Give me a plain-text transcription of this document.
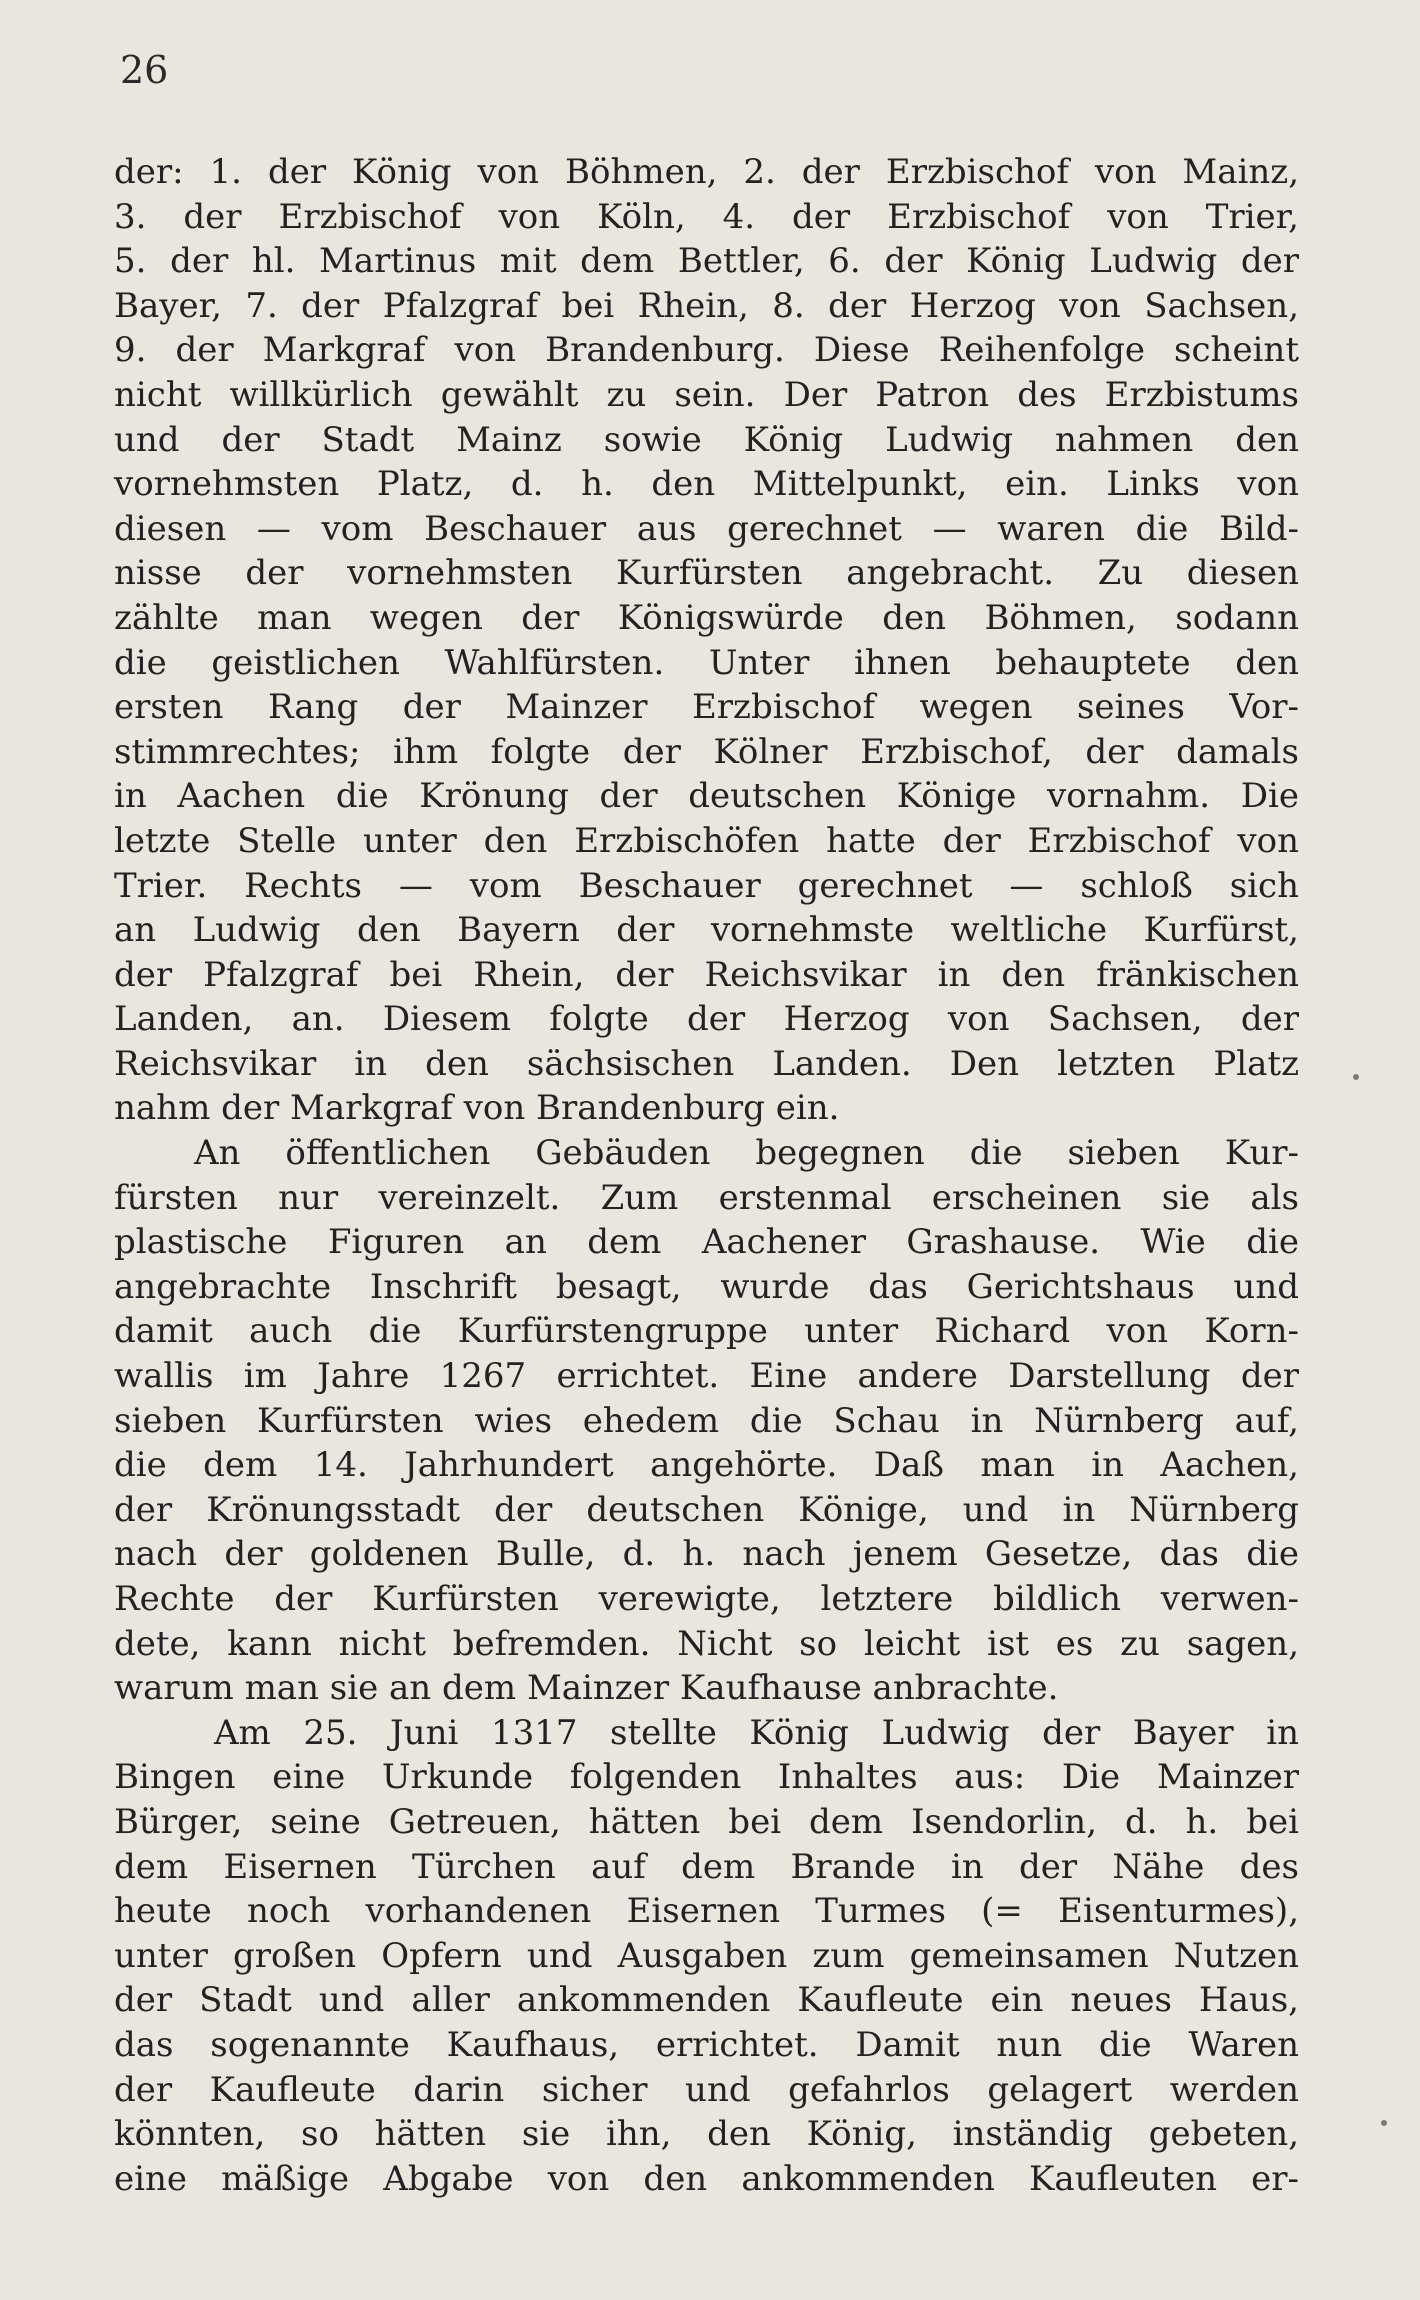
26
der: 1. der König von Böhmen, 2. der Erzbischof von Mainz,
3. der Erzbischof von Köln, 4. der Erzbischof von Trier,
5. der hl. Martinus mit dem Bettler, 6. der König Ludwig der
Bayer, 7. der Pfalzgraf bei Rhein, 8. der Herzog von Sachsen,
9. der Markgraf von Brandenburg. Diese Reihenfolge scheint
nicht willkürlich gewählt zu sein. Der Patron des Erzbistums
und der Stadt Mainz sowie König Ludwig nahmen den
vornehmsten Platz, d. h. den Mittelpunkt, ein. Links von
diesen — vom Beschauer aus gerechnet — waren die Bild-
nisse der vornehmsten Kurfürsten angebracht. Zu diesen
zählte man wegen der Königswürde den Böhmen, sodann
die geistlichen Wahlfürsten. Unter ihnen behauptete den
ersten Rang der Mainzer Erzbischof wegen seines Vor-
stimmrechtes; ihm folgte der Kölner Erzbischof, der damals
in Aachen die Krönung der deutschen Könige vornahm. Die
letzte Stelle unter den Erzbischöfen hatte der Erzbischof von
Trier. Rechts — vom Beschauer gerechnet — schloß sich
an Ludwig den Bayern der vornehmste weltliche Kurfürst,
der Pfalzgraf bei Rhein, der Reichsvikar in den fränkischen
Landen, an. Diesem folgte der Herzog von Sachsen, der
Reichsvikar in den sächsischen Landen. Den letzten Platz
nahm der Markgraf von Brandenburg ein.
An öffentlichen Gebäuden begegnen die sieben Kur-
fürsten nur vereinzelt. Zum erstenmal erscheinen sie als
plastische Figuren an dem Aachener Grashause. Wie die
angebrachte Inschrift besagt, wurde das Gerichtshaus und
damit auch die Kurfürstengruppe unter Richard von Korn-
wallis im Jahre 1267 errichtet. Eine andere Darstellung der
sieben Kurfürsten wies ehedem die Schau in Nürnberg auf,
die dem 14. Jahrhundert angehörte. Daß man in Aachen,
der Krönungsstadt der deutschen Könige, und in Nürnberg
nach der goldenen Bulle, d. h. nach jenem Gesetze, das die
Rechte der Kurfürsten verewigte, letztere bildlich verwen-
dete, kann nicht befremden. Nicht so leicht ist es zu sagen,
warum man sie an dem Mainzer Kaufhause anbrachte.
Am 25. Juni 1317 stellte König Ludwig der Bayer in
Bingen eine Urkunde folgenden Inhaltes aus: Die Mainzer
Bürger, seine Getreuen, hätten bei dem Isendorlin, d. h. bei
dem Eisernen Türchen auf dem Brande in der Nähe des
heute noch vorhandenen Eisernen Turmes (= Eisenturmes),
unter großen Opfern und Ausgaben zum gemeinsamen Nutzen
der Stadt und aller ankommenden Kaufleute ein neues Haus,
das sogenannte Kaufhaus, errichtet. Damit nun die Waren
der Kaufleute darin sicher und gefahrlos gelagert werden
könnten, so hätten sie ihn, den König, inständig gebeten,
eine mäßige Abgabe von den ankommenden Kaufleuten er-
